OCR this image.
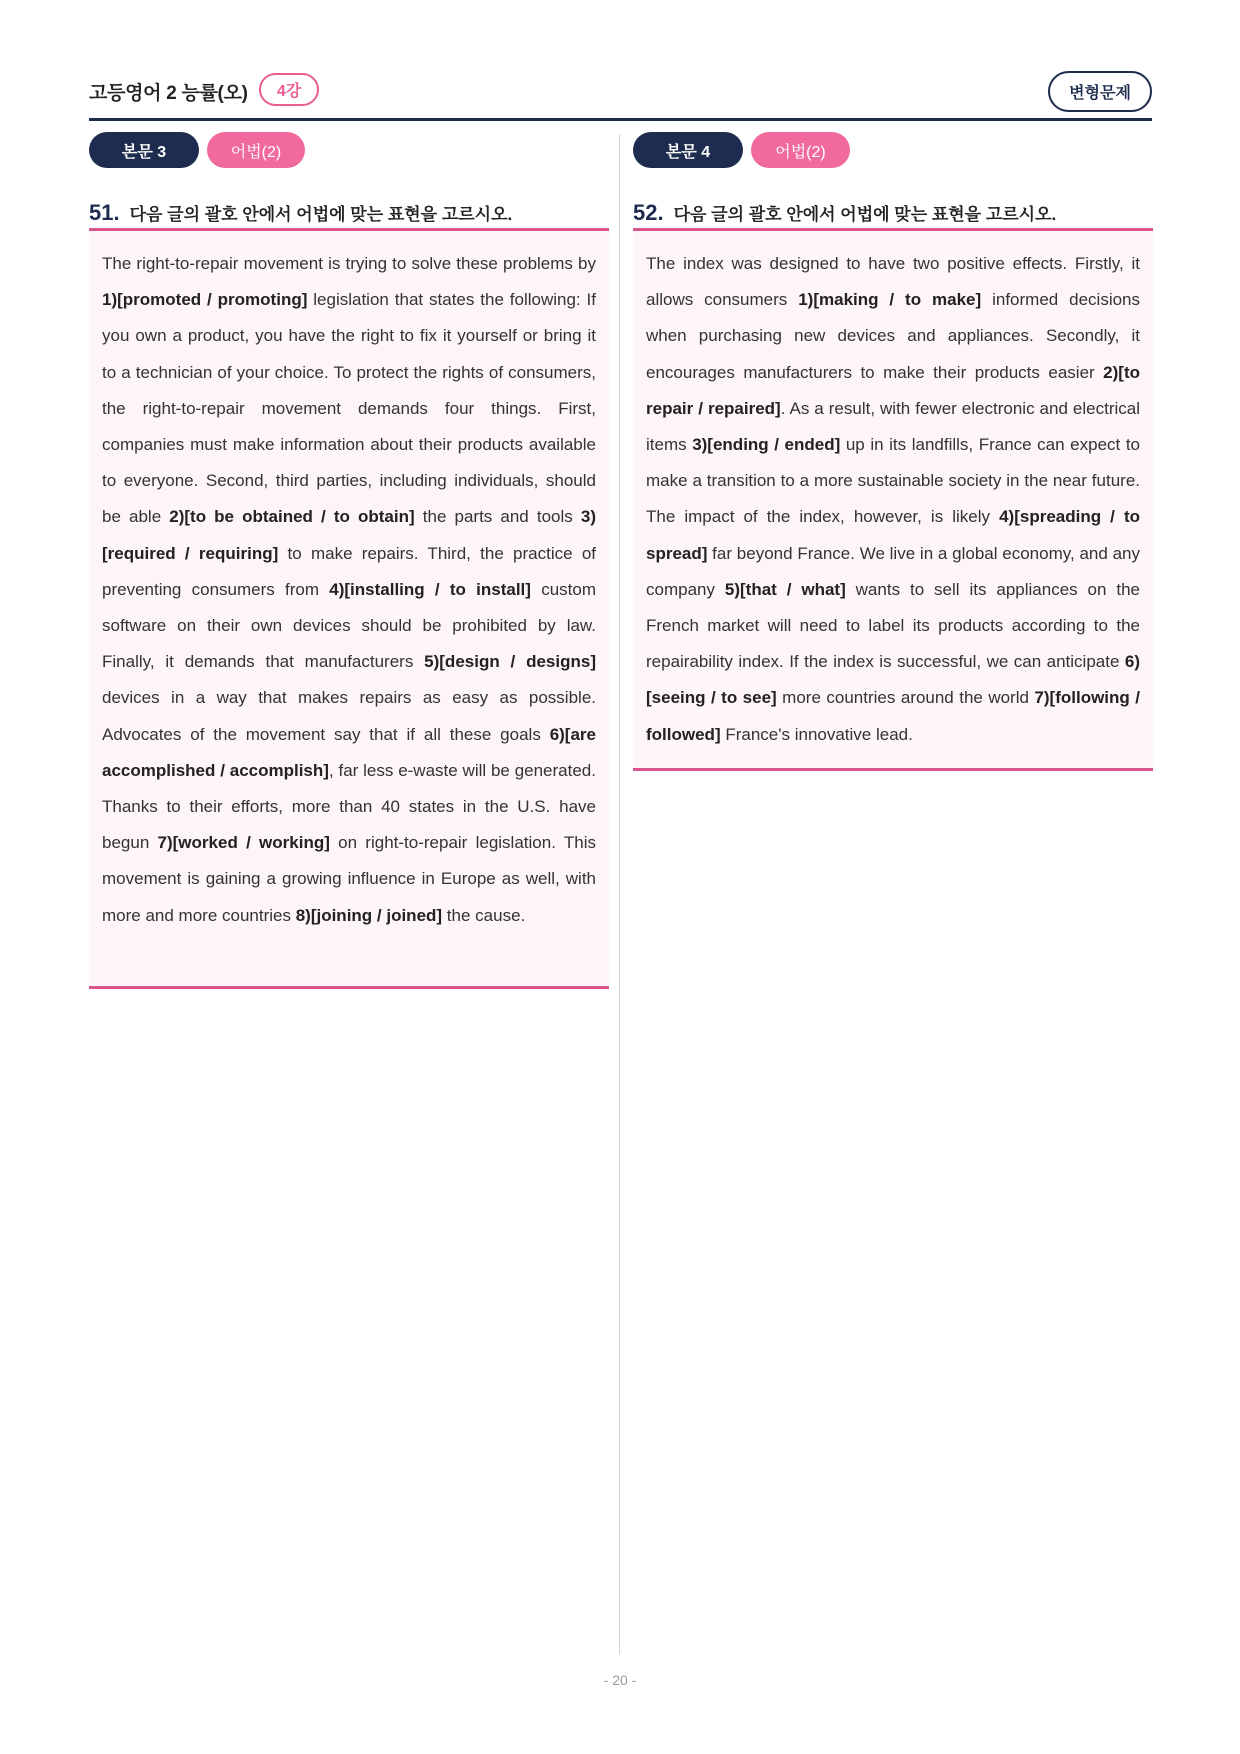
고등영어 2 능률(오)	4강	변형문제
본문 3	어법(2)
51. 다음 글의 괄호 안에서 어법에 맞는 표현을 고르시오.
The right-to-repair movement is trying to solve these problems by 1)[promoted / promoting] legislation that states the following: If you own a product, you have the right to fix it yourself or bring it to a technician of your choice. To protect the rights of consumers, the right-to-repair movement demands four things. First, companies must make information about their products available to everyone. Second, third parties, including individuals, should be able 2)[to be obtained / to obtain] the parts and tools 3)[required / requiring] to make repairs. Third, the practice of preventing consumers from 4)[installing / to install] custom software on their own devices should be prohibited by law. Finally, it demands that manufacturers 5)[design / designs] devices in a way that makes repairs as easy as possible. Advocates of the movement say that if all these goals 6)[are accomplished / accomplish], far less e-waste will be generated. Thanks to their efforts, more than 40 states in the U.S. have begun 7)[worked / working] on right-to-repair legislation. This movement is gaining a growing influence in Europe as well, with more and more countries 8)[joining / joined] the cause.
본문 4	어법(2)
52. 다음 글의 괄호 안에서 어법에 맞는 표현을 고르시오.
The index was designed to have two positive effects. Firstly, it allows consumers 1)[making / to make] informed decisions when purchasing new devices and appliances. Secondly, it encourages manufacturers to make their products easier 2)[to repair / repaired]. As a result, with fewer electronic and electrical items 3)[ending / ended] up in its landfills, France can expect to make a transition to a more sustainable society in the near future. The impact of the index, however, is likely 4)[spreading / to spread] far beyond France. We live in a global economy, and any company 5)[that / what] wants to sell its appliances on the French market will need to label its products according to the repairability index. If the index is successful, we can anticipate 6)[seeing / to see] more countries around the world 7)[following / followed] France's innovative lead.
- 20 -
